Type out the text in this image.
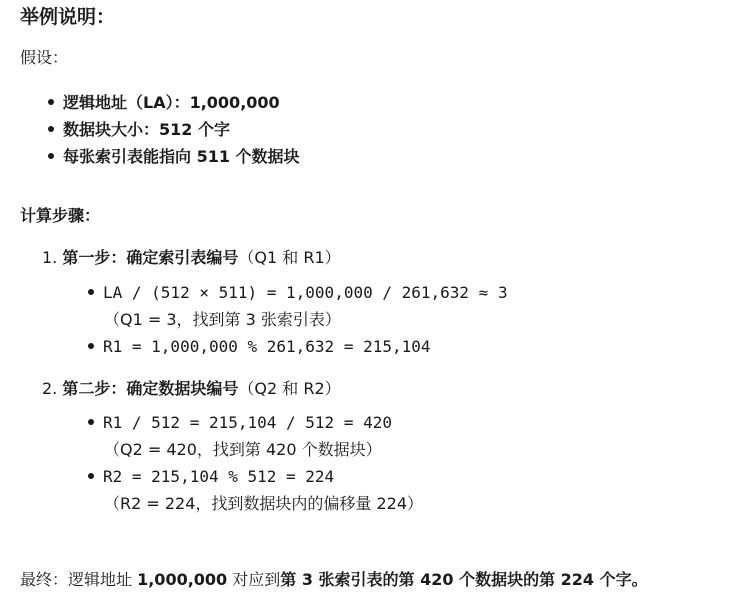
举例说明：
假设：
逻辑地址（LA）：1,000,000
数据块大小：512 个字
每张索引表能指向 511 个数据块
计算步骤：
1. 第一步：确定索引表编号（Q1 和 R1）
LA / (512 × 511) = 1,000,000 / 261,632 ≈ 3
（Q1 = 3，找到第 3 张索引表）
R1 = 1,000,000 % 261,632 = 215,104
2. 第二步：确定数据块编号（Q2 和 R2）
R1 / 512 = 215,104 / 512 = 420
（Q2 = 420，找到第 420 个数据块）
R2 = 215,104 % 512 = 224
（R2 = 224，找到数据块内的偏移量 224）
最终：逻辑地址 1,000,000 对应到第 3 张索引表的第 420 个数据块的第 224 个字。
